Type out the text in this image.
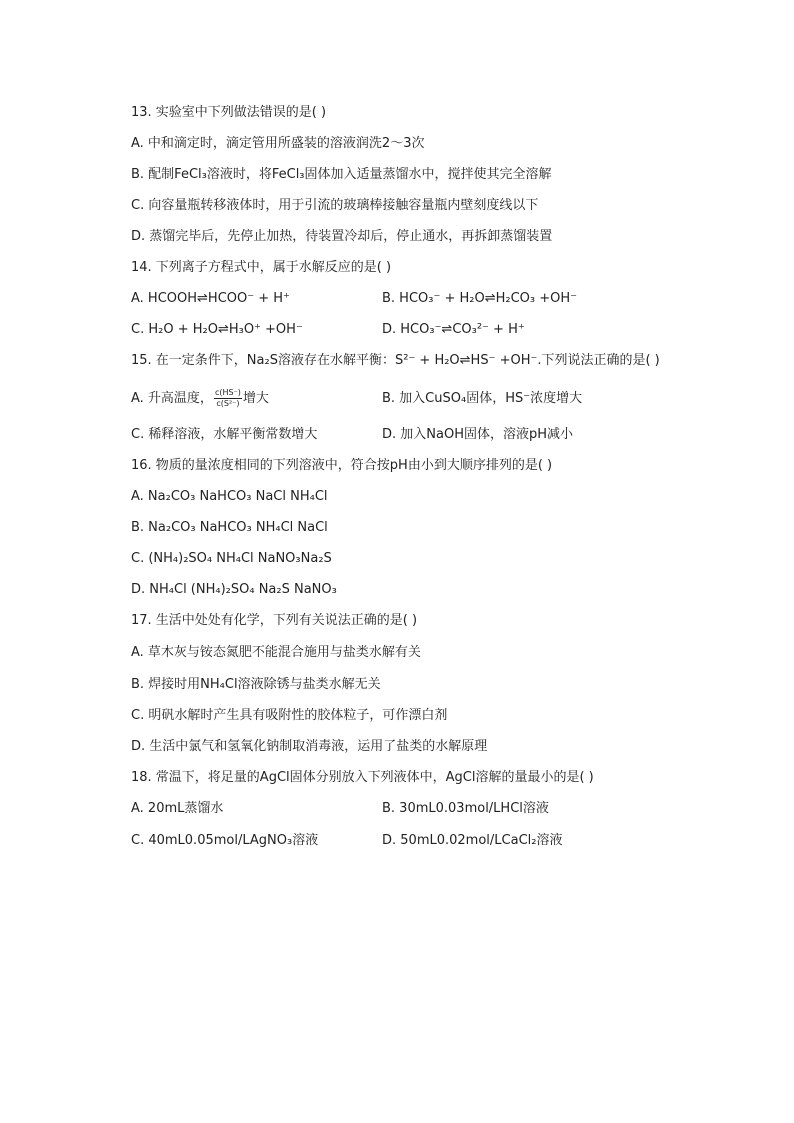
13. 实验室中下列做法错误的是( )
A. 中和滴定时，滴定管用所盛装的溶液润洗2～3次
B. 配制FeCl₃溶液时，将FeCl₃固体加入适量蒸馏水中，搅拌使其完全溶解
C. 向容量瓶转移液体时，用于引流的玻璃棒接触容量瓶内壁刻度线以下
D. 蒸馏完毕后，先停止加热，待装置冷却后，停止通水，再拆卸蒸馏装置
14. 下列离子方程式中，属于水解反应的是( )
A. HCOOH⇌HCOO⁻ + H⁺	B. HCO₃⁻ + H₂O⇌H₂CO₃ +OH⁻
C. H₂O + H₂O⇌H₃O⁺ +OH⁻	D. HCO₃⁻⇌CO₃²⁻ + H⁺
15. 在一定条件下，Na₂S溶液存在水解平衡：S²⁻ + H₂O⇌HS⁻ +OH⁻.下列说法正确的是( )
A. 升高温度， $\frac{c(HS^-)}{\text{c(S²⁻)}}$ 增大	B. 加入CuSO₄固体，HS⁻浓度增大
C. 稀释溶液，水解平衡常数增大	D. 加入NaOH固体，溶液pH减小
16. 物质的量浓度相同的下列溶液中，符合按pH由小到大顺序排列的是( )
A. Na₂CO₃ NaHCO₃ NaCl NH₄Cl
B. Na₂CO₃ NaHCO₃ NH₄Cl NaCl
C. (NH₄)₂SO₄ NH₄Cl NaNO₃Na₂S
D. NH₄Cl (NH₄)₂SO₄ Na₂S NaNO₃
17. 生活中处处有化学，下列有关说法正确的是( )
A. 草木灰与铵态氮肥不能混合施用与盐类水解有关
B. 焊接时用NH₄Cl溶液除锈与盐类水解无关
C. 明矾水解时产生具有吸附性的胶体粒子，可作漂白剂
D. 生活中氯气和氢氧化钠制取消毒液，运用了盐类的水解原理
18. 常温下，将足量的AgCl固体分别放入下列液体中，AgCl溶解的量最小的是( )
A. 20mL蒸馏水	B. 30mL0.03mol/LHCl溶液
C. 40mL0.05mol/LAgNO₃溶液	D. 50mL0.02mol/LCaCl₂溶液
